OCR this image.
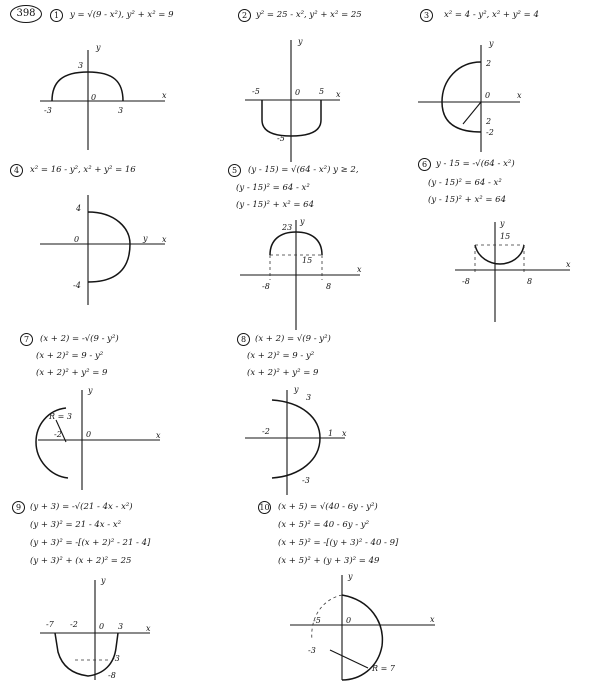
398	1	y = √(9 - x²), y² + x² = 9
y
x
3
0
-3	3
2	y² = 25 - x², y² + x² = 25
y
x
-5	0 5
-5
3	x² = 4 - y², x² + y² = 4
y
x
2
0
2
-2
4	x² = 16 - y², x² + y² = 16
4
0	y x
-4
5	(y - 15) = √(64 - x²) y ≥ 2,
(y - 15)² = 64 - x²
(y - 15)² + x² = 64
y
x
23
15
-8	8
6	y - 15 = -√(64 - x²)
(y - 15)² = 64 - x²
(y - 15)² + x² = 64
y
x
15
-8	8
7	(x + 2) = -√(9 - y²)
(x + 2)² = 9 - y²
(x + 2)² + y² = 9
y
x
R = 3
-2	0
8	(x + 2) = √(9 - y²)
(x + 2)² = 9 - y²
(x + 2)² + y² = 9
y
x
3
-2	1
-3
9	(y + 3) = -√(21 - 4x - x²)
(y + 3)² = 21 - 4x - x²
(y + 3)² = -[(x + 2)² - 21 - 4]
(y + 3)² + (x + 2)² = 25
y
x
-7 -2	0 3
-3
-8
10 (x + 5) = √(40 - 6y - y²)
(x + 5)² = 40 - 6y - y²
(x + 5)² = -[(y + 3)² - 40 - 9]
(x + 5)² + (y + 3)² = 49
y
x
-5	0
-3
R = 7
